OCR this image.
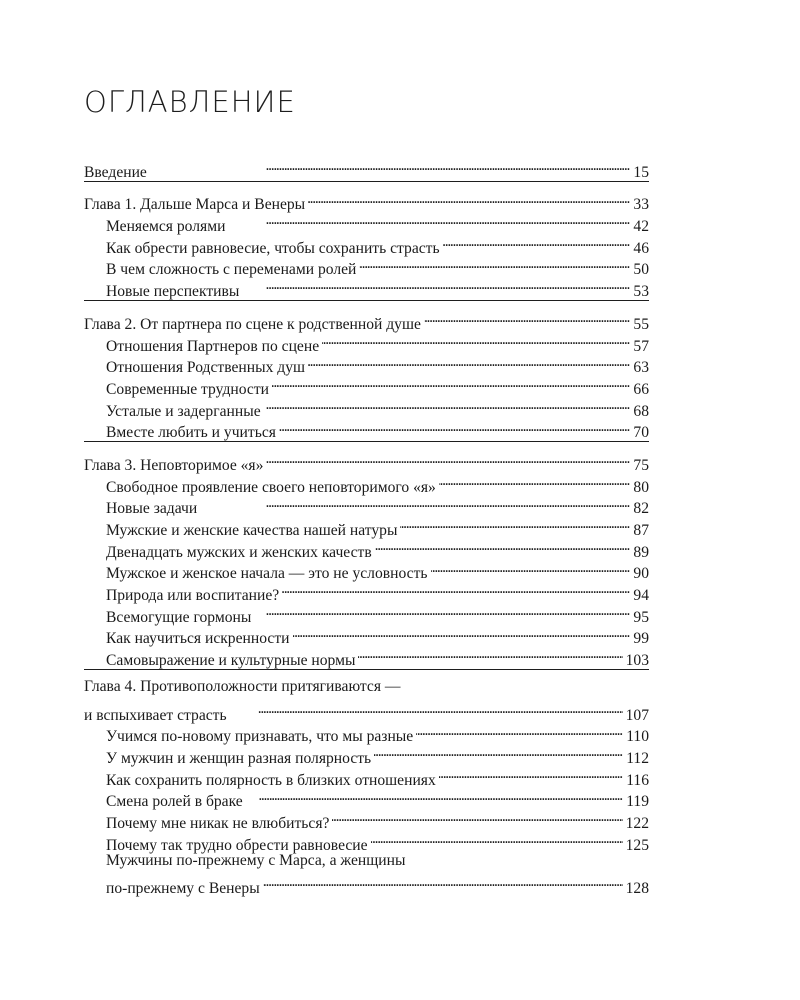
ОГЛАВЛЕНИЕ
Введение . . .	15
Глава 1. Дальше Марса и Венеры . . .	33
Меняемся ролями . . .	42
Как обрести равновесие, чтобы сохранить страсть . . .	46
В чем сложность с переменами ролей . . .	50
Новые перспективы . . .	53
Глава 2. От партнера по сцене к родственной душе . . .	55
Отношения Партнеров по сцене . . .	57
Отношения Родственных душ . . .	63
Современные трудности . . .	66
Усталые и задерганные . . .	68
Вместе любить и учиться . . .	70
Глава 3. Неповторимое «я» . . .	75
Свободное проявление своего неповторимого «я» . . .	80
Новые задачи . . .	82
Мужские и женские качества нашей натуры . . .	87
Двенадцать мужских и женских качеств . . .	89
Мужское и женское начала — это не условность . . .	90
Природа или воспитание? . . .	94
Всемогущие гормоны . . .	95
Как научиться искренности . . .	99
Самовыражение и культурные нормы . . .	103
Глава 4. Противоположности притягиваются —
и вспыхивает страсть . . .	107
Учимся по-новому признавать, что мы разные . . .	110
У мужчин и женщин разная полярность . . .	112
Как сохранить полярность в близких отношениях . . .	116
Смена ролей в браке . . .	119
Почему мне никак не влюбиться? . . .	122
Почему так трудно обрести равновесие . . .	125
Мужчины по-прежнему с Марса, а женщины
по-прежнему с Венеры . . .	128
